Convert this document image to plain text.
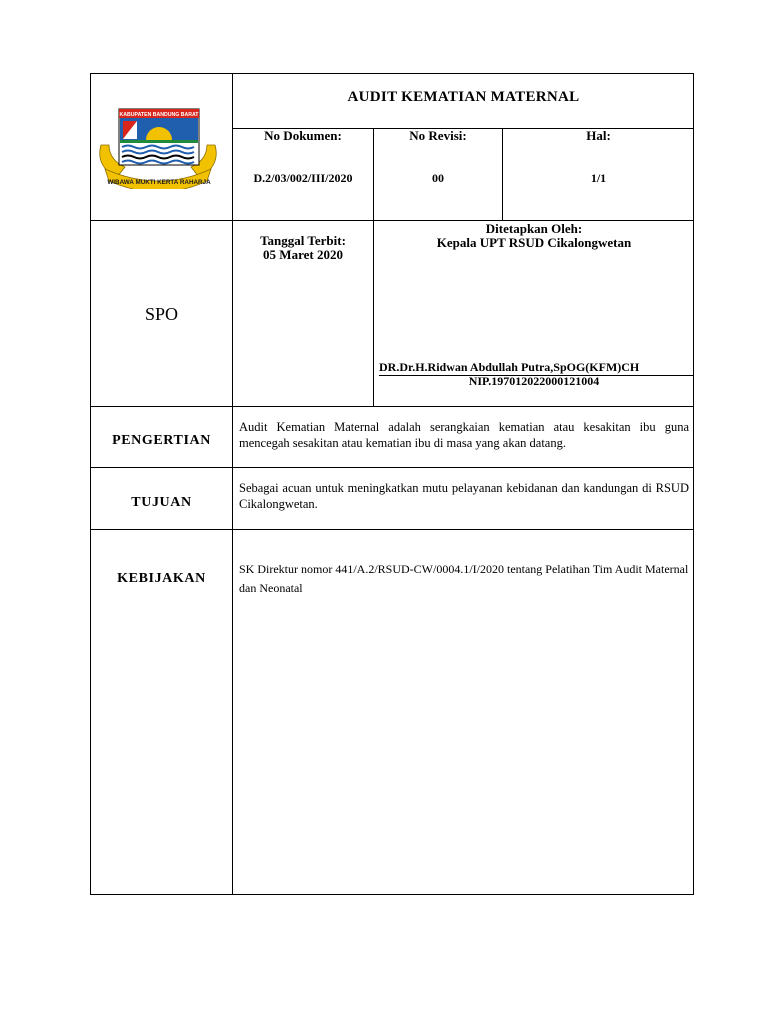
KABUPATEN BANDUNG BARAT
WIBAWA MUKTI KERTA RAHARJA
AUDIT KEMATIAN MATERNAL
No Dokumen:
D.2/03/002/III/2020
No Revisi:
00
Hal:
1/1
SPO
Tanggal Terbit:
05 Maret 2020
Ditetapkan Oleh:
Kepala UPT RSUD Cikalongwetan
DR.Dr.H.Ridwan Abdullah Putra,SpOG(KFM)CH
NIP.197012022000121004
PENGERTIAN
Audit Kematian Maternal adalah serangkaian kematian atau kesakitan ibu guna mencegah sesakitan atau kematian ibu di masa yang akan datang.
TUJUAN
Sebagai acuan untuk meningkatkan mutu pelayanan kebidanan dan kandungan di RSUD Cikalongwetan.
KEBIJAKAN
SK Direktur nomor 441/A.2/RSUD-CW/0004.1/I/2020 tentang Pelatihan Tim Audit Maternal dan Neonatal
